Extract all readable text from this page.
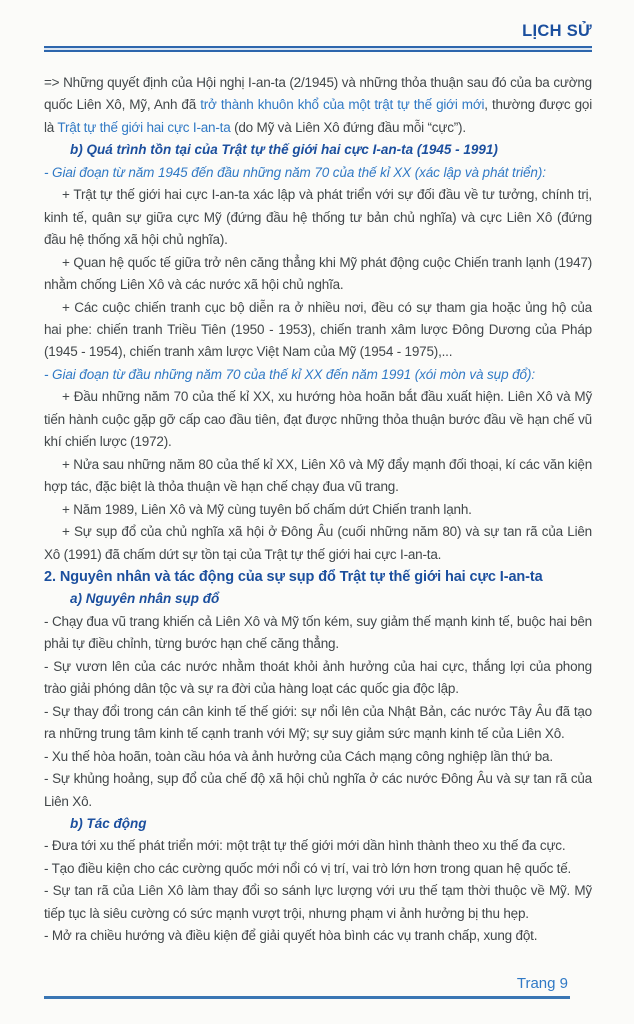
LỊCH SỬ

=> Những quyết định của Hội nghị I-an-ta (2/1945) và những thỏa thuận sau đó của ba cường quốc Liên Xô, Mỹ, Anh đã trở thành khuôn khổ của một trật tự thế giới mới, thường được gọi là Trật tự thế giới hai cực I-an-ta (do Mỹ và Liên Xô đứng đầu mỗi “cực”).

b) Quá trình tồn tại của Trật tự thế giới hai cực I-an-ta (1945 - 1991)

- Giai đoạn từ năm 1945 đến đầu những năm 70 của thế kỉ XX (xác lập và phát triển):

+ Trật tự thế giới hai cực I-an-ta xác lập và phát triển với sự đối đầu về tư tưởng, chính trị, kinh tế, quân sự giữa cực Mỹ (đứng đầu hệ thống tư bản chủ nghĩa) và cực Liên Xô (đứng đầu hệ thống xã hội chủ nghĩa).

+ Quan hệ quốc tế giữa trở nên căng thẳng khi Mỹ phát động cuộc Chiến tranh lạnh (1947) nhằm chống Liên Xô và các nước xã hội chủ nghĩa.

+ Các cuộc chiến tranh cục bộ diễn ra ở nhiều nơi, đều có sự tham gia hoặc ủng hộ của hai phe: chiến tranh Triều Tiên (1950 - 1953), chiến tranh xâm lược Đông Dương của Pháp (1945 - 1954), chiến tranh xâm lược Việt Nam của Mỹ (1954 - 1975),...

- Giai đoạn từ đầu những năm 70 của thế kỉ XX đến năm 1991 (xói mòn và sụp đổ):

+ Đầu những năm 70 của thế kỉ XX, xu hướng hòa hoãn bắt đầu xuất hiện. Liên Xô và Mỹ tiến hành cuộc gặp gỡ cấp cao đầu tiên, đạt được những thỏa thuận bước đầu về hạn chế vũ khí chiến lược (1972).

+ Nửa sau những năm 80 của thế kỉ XX, Liên Xô và Mỹ đẩy mạnh đối thoại, kí các văn kiện hợp tác, đặc biệt là thỏa thuận về hạn chế chạy đua vũ trang.

+ Năm 1989, Liên Xô và Mỹ cùng tuyên bố chấm dứt Chiến tranh lạnh.

+ Sự sụp đổ của chủ nghĩa xã hội ở Đông Âu (cuối những năm 80) và sự tan rã của Liên Xô (1991) đã chấm dứt sự tồn tại của Trật tự thế giới hai cực I-an-ta.

2. Nguyên nhân và tác động của sự sụp đổ Trật tự thế giới hai cực I-an-ta

a) Nguyên nhân sụp đổ

- Chạy đua vũ trang khiến cả Liên Xô và Mỹ tốn kém, suy giảm thế mạnh kinh tế, buộc hai bên phải tự điều chỉnh, từng bước hạn chế căng thẳng.

- Sự vươn lên của các nước nhằm thoát khỏi ảnh hưởng của hai cực, thắng lợi của phong trào giải phóng dân tộc và sự ra đời của hàng loạt các quốc gia độc lập.

- Sự thay đổi trong cán cân kinh tế thế giới: sự nổi lên của Nhật Bản, các nước Tây Âu đã tạo ra những trung tâm kinh tế cạnh tranh với Mỹ; sự suy giảm sức mạnh kinh tế của Liên Xô.

- Xu thế hòa hoãn, toàn cầu hóa và ảnh hưởng của Cách mạng công nghiệp lần thứ ba.

- Sự khủng hoảng, sụp đổ của chế độ xã hội chủ nghĩa ở các nước Đông Âu và sự tan rã của Liên Xô.

b) Tác động

- Đưa tới xu thế phát triển mới: một trật tự thế giới mới dần hình thành theo xu thế đa cực.

- Tạo điều kiện cho các cường quốc mới nổi có vị trí, vai trò lớn hơn trong quan hệ quốc tế.

- Sự tan rã của Liên Xô làm thay đổi so sánh lực lượng với ưu thế tạm thời thuộc về Mỹ. Mỹ tiếp tục là siêu cường có sức mạnh vượt trội, nhưng phạm vi ảnh hưởng bị thu hẹp.

- Mở ra chiều hướng và điều kiện để giải quyết hòa bình các vụ tranh chấp, xung đột.

Trang 9
